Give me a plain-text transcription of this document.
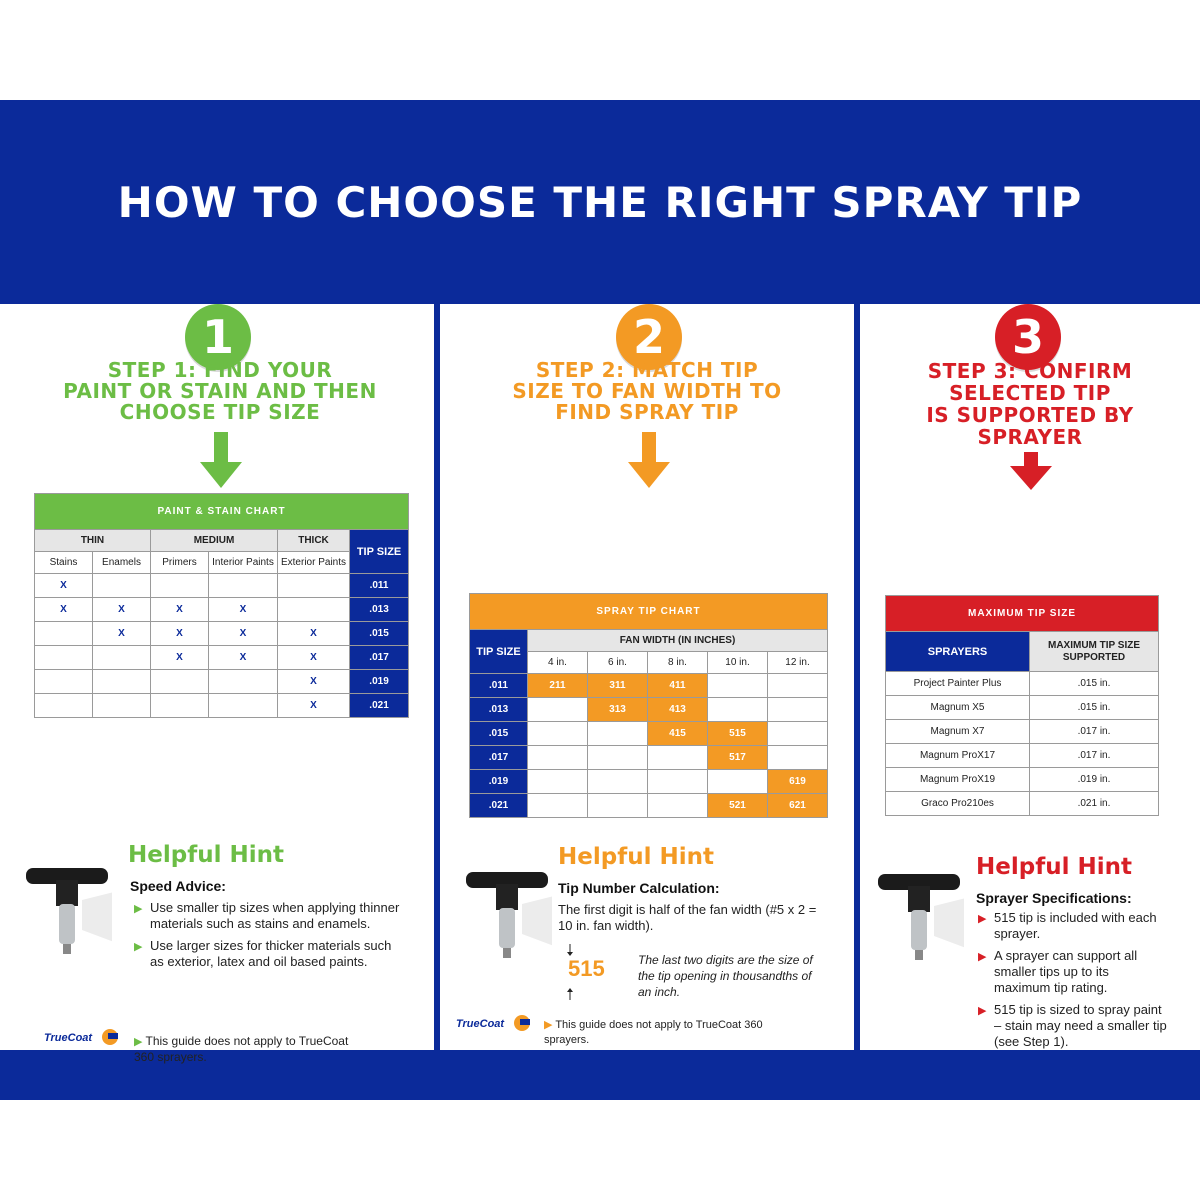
HOW TO CHOOSE THE RIGHT SPRAY TIP
1
STEP 1: FIND YOUR
PAINT OR STAIN AND THEN
CHOOSE TIP SIZE
PAINT & STAIN CHART					
THIN		MEDIUM		THICK	TIP SIZE
Stains	Enamels	Primers	Interior Paints	Exterior Paints	
X					.011
X	X	X	X		.013
	X	X	X	X	.015
		X	X	X	.017
				X	.019
				X	.021
Helpful Hint
Speed Advice:
▶ Use smaller tip sizes when applying thinner materials such as stains and enamels.
▶ Use larger sizes for thicker materials such as exterior, latex and oil based paints.
TrueCoat	▶ This guide does not apply to TrueCoat 360 sprayers.
2
STEP 2: MATCH TIP
SIZE TO FAN WIDTH TO
FIND SPRAY TIP
SPRAY TIP CHART					
TIP SIZE	FAN WIDTH (IN INCHES)				
	4 in.	6 in.	8 in.	10 in.	12 in.
.011	211	311	411		
.013		313	413		
.015			415	515	
.017				517	
.019					619
.021				521	621
Helpful Hint
Tip Number Calculation:
The first digit is half of the fan width (#5 x 2 = 10 in. fan width).
515	The last two digits are the size of the tip opening in thousandths of an inch.
TrueCoat	▶ This guide does not apply to TrueCoat 360 sprayers.
3
STEP 3: CONFIRM
SELECTED TIP
IS SUPPORTED BY
SPRAYER
MAXIMUM TIP SIZE	
SPRAYERS	MAXIMUM TIP SIZE SUPPORTED
Project Painter Plus	.015 in.
Magnum X5	.015 in.
Magnum X7	.017 in.
Magnum ProX17	.017 in.
Magnum ProX19	.019 in.
Graco Pro210es	.021 in.
Helpful Hint
Sprayer Specifications:
▶ 515 tip is included with each sprayer.
▶ A sprayer can support all smaller tips up to its maximum tip rating.
▶ 515 tip is sized to spray paint – stain may need a smaller tip (see Step 1).
